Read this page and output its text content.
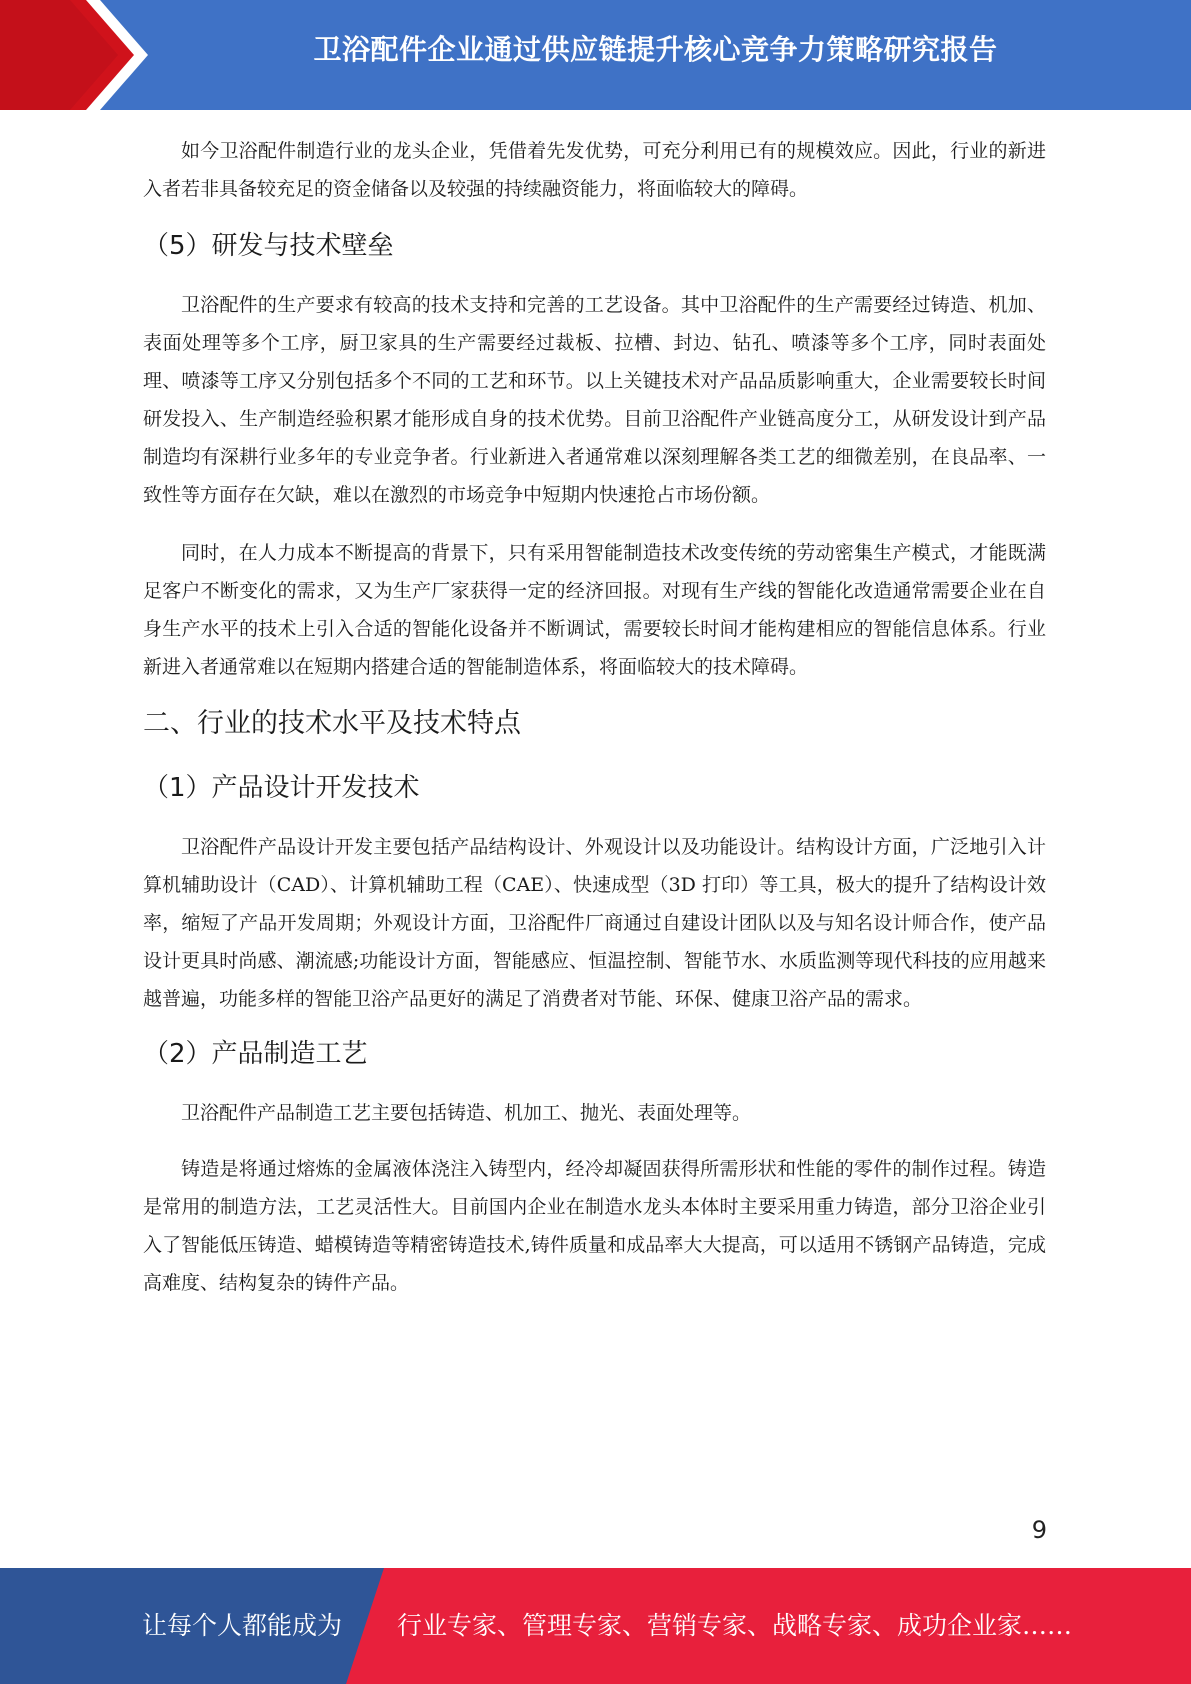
卫浴配件企业通过供应链提升核心竞争力策略研究报告

如今卫浴配件制造行业的龙头企业，凭借着先发优势，可充分利用已有的规模效应。因此，行业的新进入者若非具备较充足的资金储备以及较强的持续融资能力，将面临较大的障碍。

（5）研发与技术壁垒

卫浴配件的生产要求有较高的技术支持和完善的工艺设备。其中卫浴配件的生产需要经过铸造、机加、表面处理等多个工序，厨卫家具的生产需要经过裁板、拉槽、封边、钻孔、喷漆等多个工序，同时表面处理、喷漆等工序又分别包括多个不同的工艺和环节。以上关键技术对产品品质影响重大，企业需要较长时间研发投入、生产制造经验积累才能形成自身的技术优势。目前卫浴配件产业链高度分工，从研发设计到产品制造均有深耕行业多年的专业竞争者。行业新进入者通常难以深刻理解各类工艺的细微差别，在良品率、一致性等方面存在欠缺，难以在激烈的市场竞争中短期内快速抢占市场份额。

同时，在人力成本不断提高的背景下，只有采用智能制造技术改变传统的劳动密集生产模式，才能既满足客户不断变化的需求，又为生产厂家获得一定的经济回报。对现有生产线的智能化改造通常需要企业在自身生产水平的技术上引入合适的智能化设备并不断调试，需要较长时间才能构建相应的智能信息体系。行业新进入者通常难以在短期内搭建合适的智能制造体系，将面临较大的技术障碍。

二、行业的技术水平及技术特点
（1）产品设计开发技术

卫浴配件产品设计开发主要包括产品结构设计、外观设计以及功能设计。结构设计方面，广泛地引入计算机辅助设计（CAD）、计算机辅助工程（CAE）、快速成型（3D 打印）等工具，极大的提升了结构设计效率，缩短了产品开发周期；外观设计方面，卫浴配件厂商通过自建设计团队以及与知名设计师合作，使产品设计更具时尚感、潮流感;功能设计方面，智能感应、恒温控制、智能节水、水质监测等现代科技的应用越来越普遍，功能多样的智能卫浴产品更好的满足了消费者对节能、环保、健康卫浴产品的需求。

（2）产品制造工艺

卫浴配件产品制造工艺主要包括铸造、机加工、抛光、表面处理等。

铸造是将通过熔炼的金属液体浇注入铸型内，经冷却凝固获得所需形状和性能的零件的制作过程。铸造是常用的制造方法，工艺灵活性大。目前国内企业在制造水龙头本体时主要采用重力铸造，部分卫浴企业引入了智能低压铸造、蜡模铸造等精密铸造技术,铸件质量和成品率大大提高，可以适用不锈钢产品铸造，完成高难度、结构复杂的铸件产品。

9
让每个人都能成为 行业专家、管理专家、营销专家、战略专家、成功企业家……
